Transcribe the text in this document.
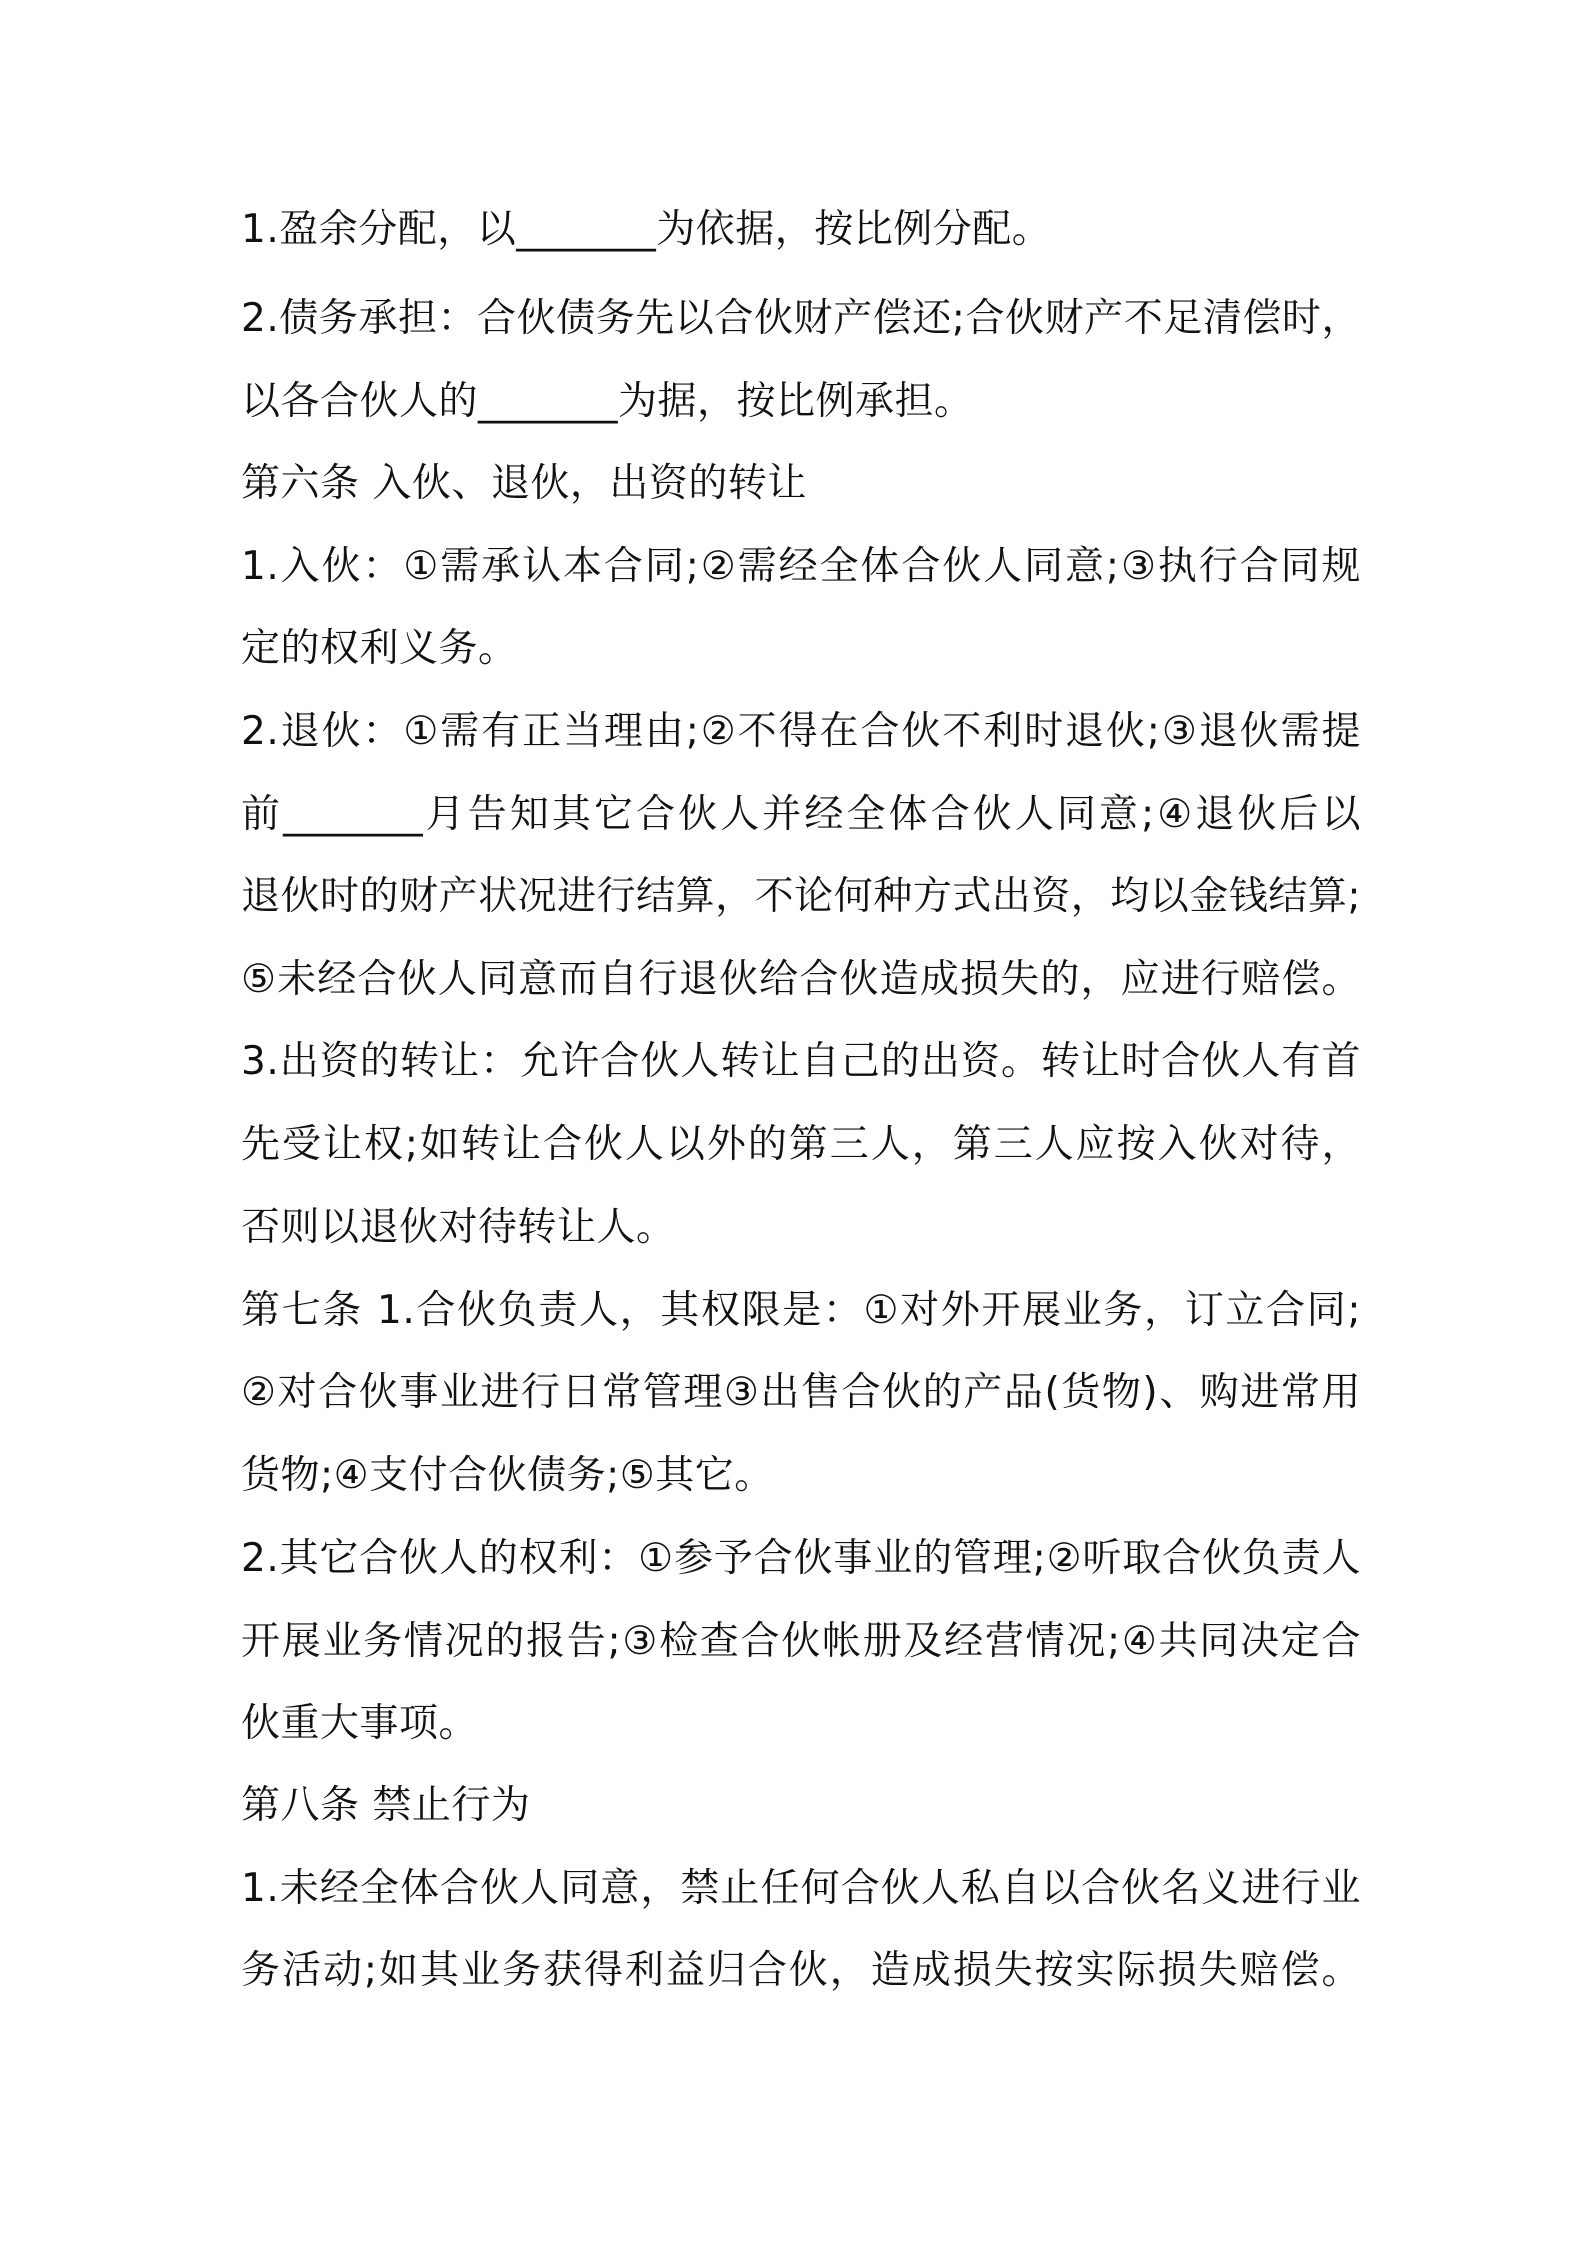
1.盈余分配，以_______为依据，按比例分配。
2.债务承担：合伙债务先以合伙财产偿还;合伙财产不足清偿时，
以各合伙人的_______为据，按比例承担。
第六条 入伙、退伙，出资的转让
1.入伙：①需承认本合同;②需经全体合伙人同意;③执行合同规
定的权利义务。
2.退伙：①需有正当理由;②不得在合伙不利时退伙;③退伙需提
前_______月告知其它合伙人并经全体合伙人同意;④退伙后以
退伙时的财产状况进行结算，不论何种方式出资，均以金钱结算;
⑤未经合伙人同意而自行退伙给合伙造成损失的，应进行赔偿。
3.出资的转让：允许合伙人转让自己的出资。转让时合伙人有首
先受让权;如转让合伙人以外的第三人，第三人应按入伙对待，
否则以退伙对待转让人。
第七条 1.合伙负责人，其权限是：①对外开展业务，订立合同;
②对合伙事业进行日常管理③出售合伙的产品(货物)、购进常用
货物;④支付合伙债务;⑤其它。
2.其它合伙人的权利：①参予合伙事业的管理;②听取合伙负责人
开展业务情况的报告;③检查合伙帐册及经营情况;④共同决定合
伙重大事项。
第八条 禁止行为
1.未经全体合伙人同意，禁止任何合伙人私自以合伙名义进行业
务活动;如其业务获得利益归合伙，造成损失按实际损失赔偿。
